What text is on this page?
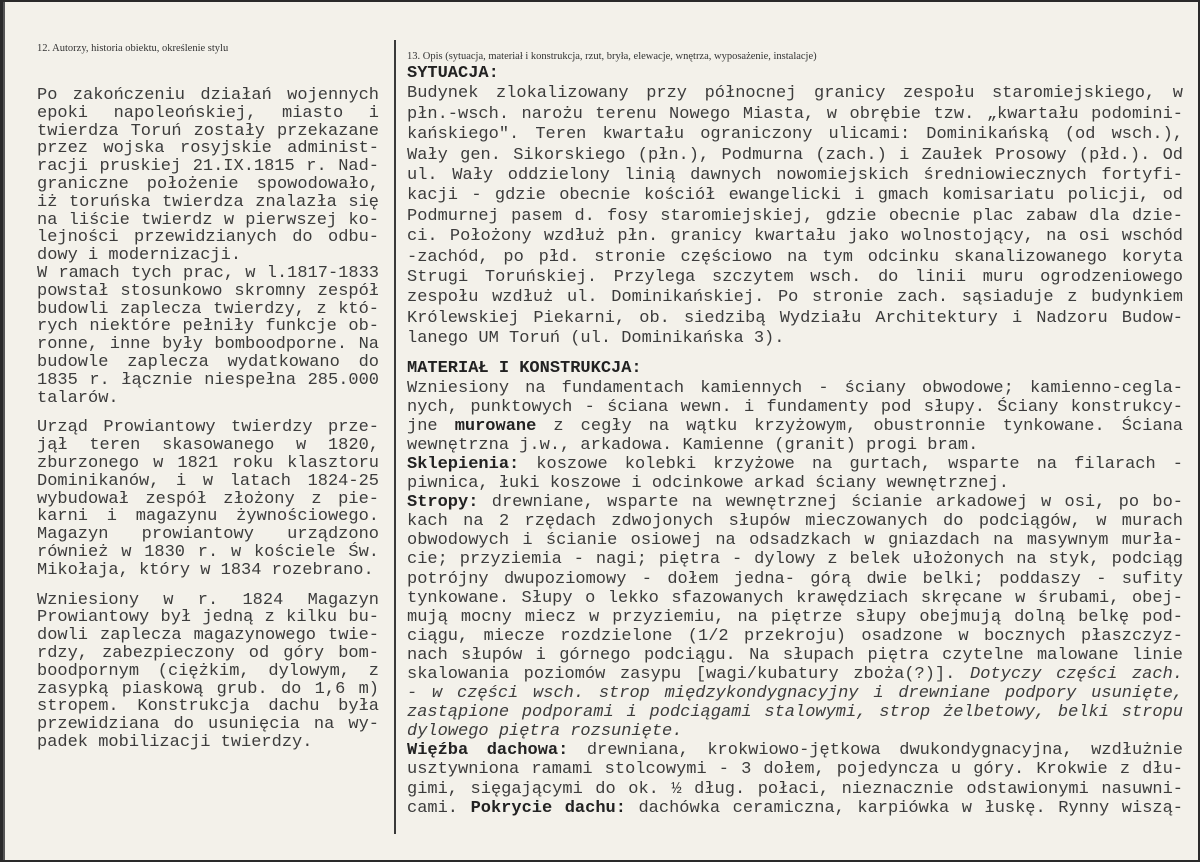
12. Autorzy, historia obiektu, określenie stylu
13. Opis (sytuacja, materiał i konstrukcja, rzut, bryła, elewacje, wnętrza, wyposażenie, instalacje)
Po zakończeniu działań wojennych
epoki napoleońskiej, miasto i
twierdza Toruń zostały przekazane
przez wojska rosyjskie administ-
racji pruskiej 21.IX.1815 r. Nad-
graniczne położenie spowodowało,
iż toruńska twierdza znalazła się
na liście twierdz w pierwszej ko-
lejności przewidzianych do odbu-
dowy i modernizacji.
W ramach tych prac, w l.1817-1833
powstał stosunkowo skromny zespół
budowli zaplecza twierdzy, z któ-
rych niektóre pełniły funkcje ob-
ronne, inne były bomboodporne. Na
budowle zaplecza wydatkowano do
1835 r. łącznie niespełna 285.000
talarów.
Urząd Prowiantowy twierdzy prze-
jął teren skasowanego w 1820,
zburzonego w 1821 roku klasztoru
Dominikanów, i w latach 1824-25
wybudował zespół złożony z pie-
karni i magazynu żywnościowego.
Magazyn prowiantowy urządzono
również w 1830 r. w kościele Św.
Mikołaja, który w 1834 rozebrano.
Wzniesiony w r. 1824 Magazyn
Prowiantowy był jedną z kilku bu-
dowli zaplecza magazynowego twie-
rdzy, zabezpieczony od góry bom-
boodpornym (ciężkim, dylowym, z
zasypką piaskową grub. do 1,6 m)
stropem. Konstrukcja dachu była
przewidziana do usunięcia na wy-
padek mobilizacji twierdzy.
SYTUACJA:
Budynek zlokalizowany przy północnej granicy zespołu staromiejskiego, w
płn.-wsch. narożu terenu Nowego Miasta, w obrębie tzw. „kwartału podomini-
kańskiego". Teren kwartału ograniczony ulicami: Dominikańską (od wsch.),
Wały gen. Sikorskiego (płn.), Podmurna (zach.) i Zaułek Prosowy (płd.). Od
ul. Wały oddzielony linią dawnych nowomiejskich średniowiecznych fortyfi-
kacji - gdzie obecnie kościół ewangelicki i gmach komisariatu policji, od
Podmurnej pasem d. fosy staromiejskiej, gdzie obecnie plac zabaw dla dzie-
ci. Położony wzdłuż płn. granicy kwartału jako wolnostojący, na osi wschód
-zachód, po płd. stronie częściowo na tym odcinku skanalizowanego koryta
Strugi Toruńskiej. Przylega szczytem wsch. do linii muru ogrodzeniowego
zespołu wzdłuż ul. Dominikańskiej. Po stronie zach. sąsiaduje z budynkiem
Królewskiej Piekarni, ob. siedzibą Wydziału Architektury i Nadzoru Budow-
lanego UM Toruń (ul. Dominikańska 3).
MATERIAŁ I KONSTRUKCJA:
Wzniesiony na fundamentach kamiennych - ściany obwodowe; kamienno-cegla-
nych, punktowych - ściana wewn. i fundamenty pod słupy. Ściany konstrukcy-
jne murowane z cegły na wątku krzyżowym, obustronnie tynkowane. Ściana
wewnętrzna j.w., arkadowa. Kamienne (granit) progi bram.
Sklepienia: koszowe kolebki krzyżowe na gurtach, wsparte na filarach -
piwnica, łuki koszowe i odcinkowe arkad ściany wewnętrznej.
Stropy: drewniane, wsparte na wewnętrznej ścianie arkadowej w osi, po bo-
kach na 2 rzędach zdwojonych słupów mieczowanych do podciągów, w murach
obwodowych i ścianie osiowej na odsadzkach w gniazdach na masywnym murła-
cie; przyziemia - nagi; piętra - dylowy z belek ułożonych na styk, podciąg
potrójny dwupoziomowy - dołem jedna- górą dwie belki; poddaszy - sufity
tynkowane. Słupy o lekko sfazowanych krawędziach skręcane w śrubami, obej-
mują mocny miecz w przyziemiu, na piętrze słupy obejmują dolną belkę pod-
ciągu, miecze rozdzielone (1/2 przekroju) osadzone w bocznych płaszczyz-
nach słupów i górnego podciągu. Na słupach piętra czytelne malowane linie
skalowania poziomów zasypu [wagi/kubatury zboża(?)]. Dotyczy części zach.
- w części wsch. strop międzykondygnacyjny i drewniane podpory usunięte,
zastąpione podporami i podciągami stalowymi, strop żelbetowy, belki stropu
dylowego piętra rozsunięte.
Więźba dachowa: drewniana, krokwiowo-jętkowa dwukondygnacyjna, wzdłużnie
usztywniona ramami stolcowymi - 3 dołem, pojedyncza u góry. Krokwie z dłu-
gimi, sięgającymi do ok. ½ dług. połaci, nieznacznie odstawionymi nasuwni-
cami. Pokrycie dachu: dachówka ceramiczna, karpiówka w łuskę. Rynny wiszą-
